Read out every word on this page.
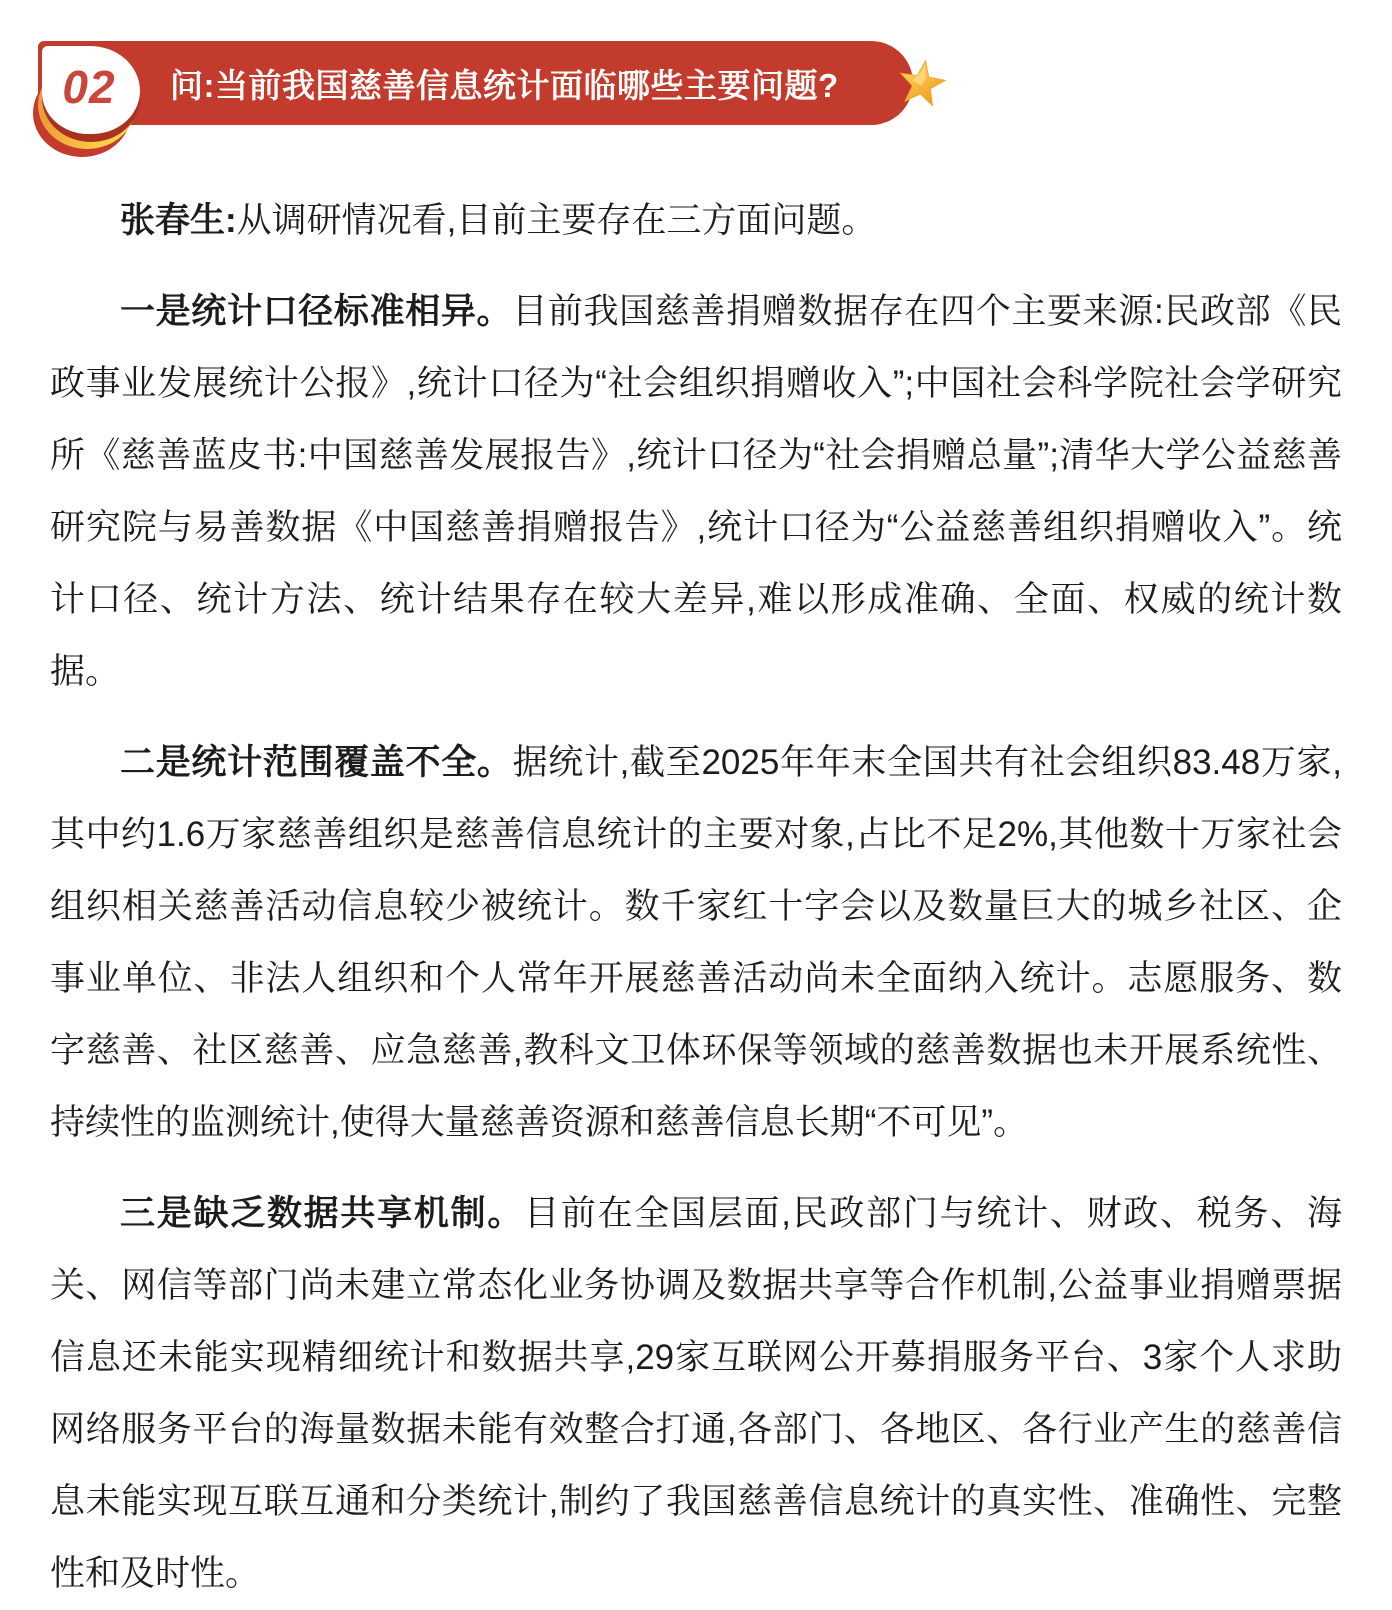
问:当前我国慈善信息统计面临哪些主要问题?
02

张春生:从调研情况看,目前主要存在三方面问题。

一是统计口径标准相异。目前我国慈善捐赠数据存在四个主要来源:民政部《民政事业发展统计公报》,统计口径为“社会组织捐赠收入”;中国社会科学院社会学研究所《慈善蓝皮书:中国慈善发展报告》,统计口径为“社会捐赠总量”;清华大学公益慈善研究院与易善数据《中国慈善捐赠报告》,统计口径为“公益慈善组织捐赠收入”。统计口径、统计方法、统计结果存在较大差异,难以形成准确、全面、权威的统计数据。

二是统计范围覆盖不全。据统计,截至2025年年末全国共有社会组织83.48万家,其中约1.6万家慈善组织是慈善信息统计的主要对象,占比不足2%,其他数十万家社会组织相关慈善活动信息较少被统计。数千家红十字会以及数量巨大的城乡社区、企事业单位、非法人组织和个人常年开展慈善活动尚未全面纳入统计。志愿服务、数字慈善、社区慈善、应急慈善,教科文卫体环保等领域的慈善数据也未开展系统性、持续性的监测统计,使得大量慈善资源和慈善信息长期“不可见”。

三是缺乏数据共享机制。目前在全国层面,民政部门与统计、财政、税务、海关、网信等部门尚未建立常态化业务协调及数据共享等合作机制,公益事业捐赠票据信息还未能实现精细统计和数据共享,29家互联网公开募捐服务平台、3家个人求助网络服务平台的海量数据未能有效整合打通,各部门、各地区、各行业产生的慈善信息未能实现互联互通和分类统计,制约了我国慈善信息统计的真实性、准确性、完整性和及时性。
